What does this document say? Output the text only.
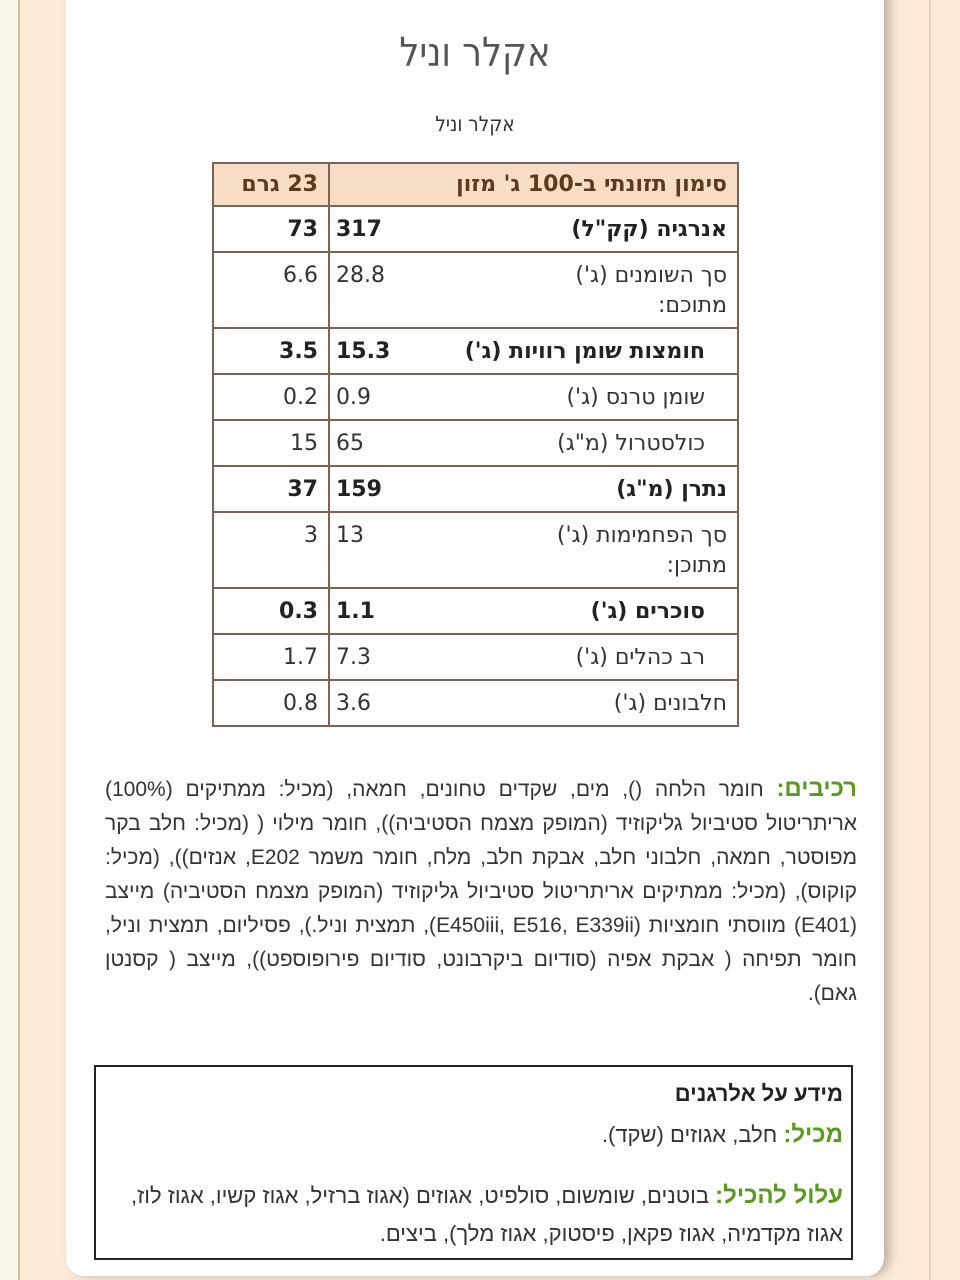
אקלר וניל
אקלר וניל
סימון תזונתי ב-100 ג' מזון		23 גרם
אנרגיה (קק"ל)	317	73

סך השומנים (ג')
מתוכם:	28.8	6.6
חומצות שומן רוויות (ג')	15.3	3.5
שומן טרנס (ג')	0.9	0.2
כולסטרול (מ"ג)	65	15
נתרן (מ"ג)	159	37

סך הפחמימות (ג')
מתוכן:	13	3
סוכרים (ג')	1.1	0.3
רב כהלים (ג')	7.3	1.7
חלבונים (ג')	3.6	0.8

רכיבים: חומר הלחה (), מים, שקדים טחונים, חמאה, (מכיל: ממתיקים (100%) אריתריטול סטיביול גליקוזיד (המופק מצמח הסטיביה)), חומר מילוי ( (מכיל: חלב בקר מפוסטר, חמאה, חלבוני חלב, אבקת חלב, מלח, חומר משמר E202, אנזים)), (מכיל: קוקוס), (מכיל: ממתיקים אריתריטול סטיביול גליקוזיד (המופק מצמח הסטיביה) מייצב (E401) מווסתי חומציות (E450iii, E516, E339ii), תמצית וניל.), פסיליום, תמצית וניל, חומר תפיחה ( אבקת אפיה (סודיום ביקרבונט, סודיום פירופוספט)), מייצב ( קסנטן גאם).

מידע על אלרגנים
מכיל: חלב, אגוזים (שקד).
עלול להכיל: בוטנים, שומשום, סולפיט, אגוזים (אגוז ברזיל, אגוז קשיו, אגוז לוז, אגוז מקדמיה, אגוז פקאן, פיסטוק, אגוז מלך), ביצים.
